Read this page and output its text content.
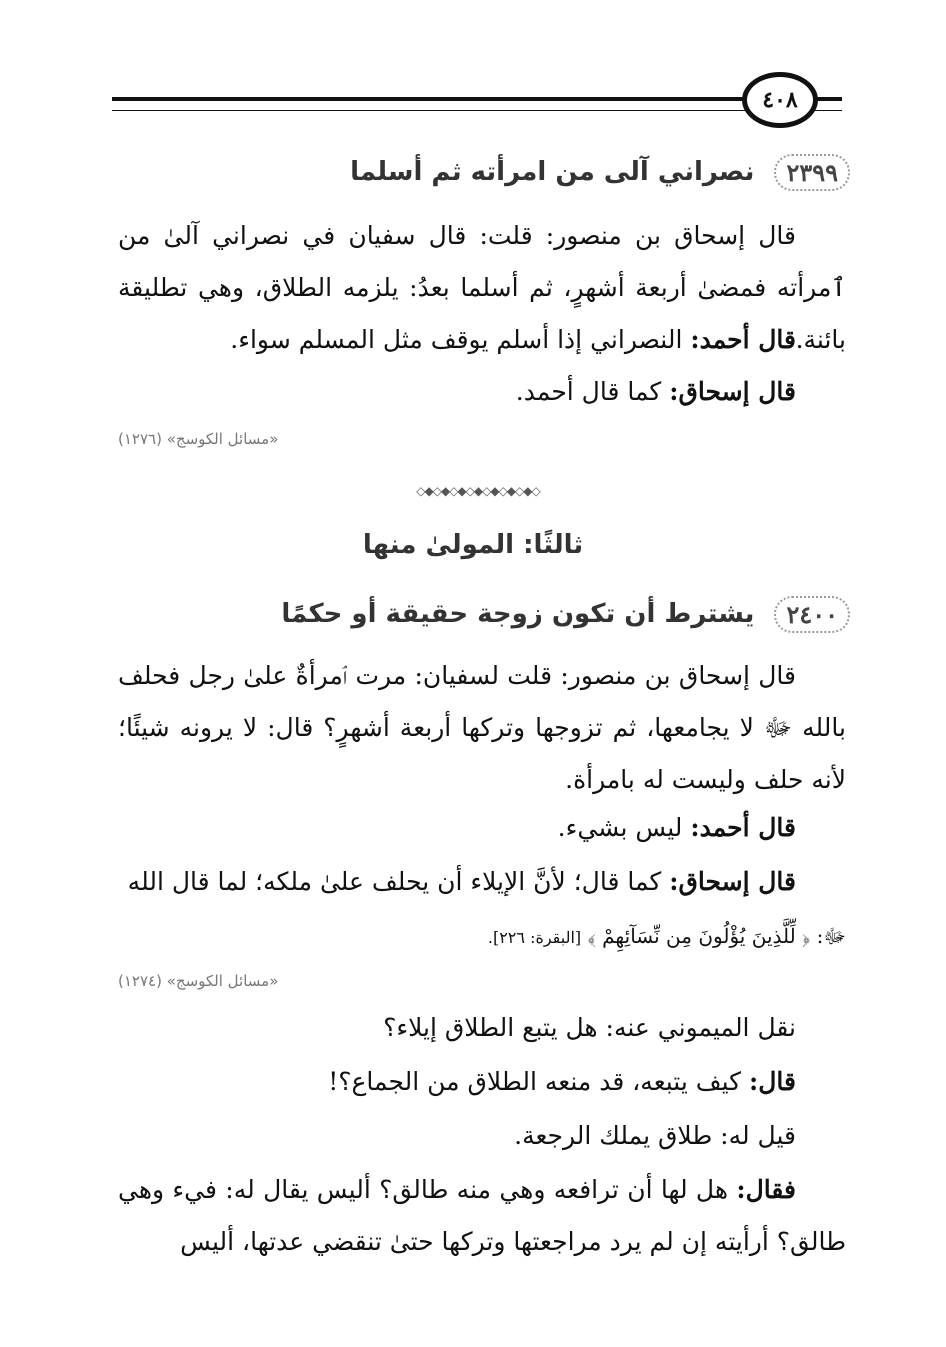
٤٠٨
٢٣٩٩
نصراني آلى من امرأته ثم أسلما
قال إسحاق بن منصور: قلت: قال سفيان في نصراني آلىٰ من ٱمرأته فمضىٰ أربعة أشهرٍ، ثم أسلما بعدُ: يلزمه الطلاق، وهي تطليقة بائنة.
قال أحمد: النصراني إذا أسلم يوقف مثل المسلم سواء.
قال إسحاق: كما قال أحمد.
«مسائل الكوسج» (١٢٧٦)
◇◆◇◆◇◆◇◆◇◆◇◆◇◆◇
ثالثًا: المولىٰ منها
٢٤٠٠
يشترط أن تكون زوجة حقيقة أو حكمًا
قال إسحاق بن منصور: قلت لسفيان: مرت ٱمرأةٌ علىٰ رجل فحلف بالله ﷻ لا يجامعها، ثم تزوجها وتركها أربعة أشهرٍ؟ قال: لا يرونه شيئًا؛ لأنه حلف وليست له بامرأة.
قال أحمد: ليس بشيء.
قال إسحاق: كما قال؛ لأنَّ الإيلاء أن يحلف علىٰ ملكه؛ لما قال الله
ﷻ: ﴿ لِّلَّذِينَ يُؤْلُونَ مِن نِّسَآئِهِمْ ﴾ [البقرة: ٢٢٦].
«مسائل الكوسج» (١٢٧٤)
نقل الميموني عنه: هل يتبع الطلاق إيلاء؟
قال: كيف يتبعه، قد منعه الطلاق من الجماع؟!
قيل له: طلاق يملك الرجعة.
فقال: هل لها أن ترافعه وهي منه طالق؟ أليس يقال له: فيء وهي طالق؟ أرأيته إن لم يرد مراجعتها وتركها حتىٰ تنقضي عدتها، أليس
